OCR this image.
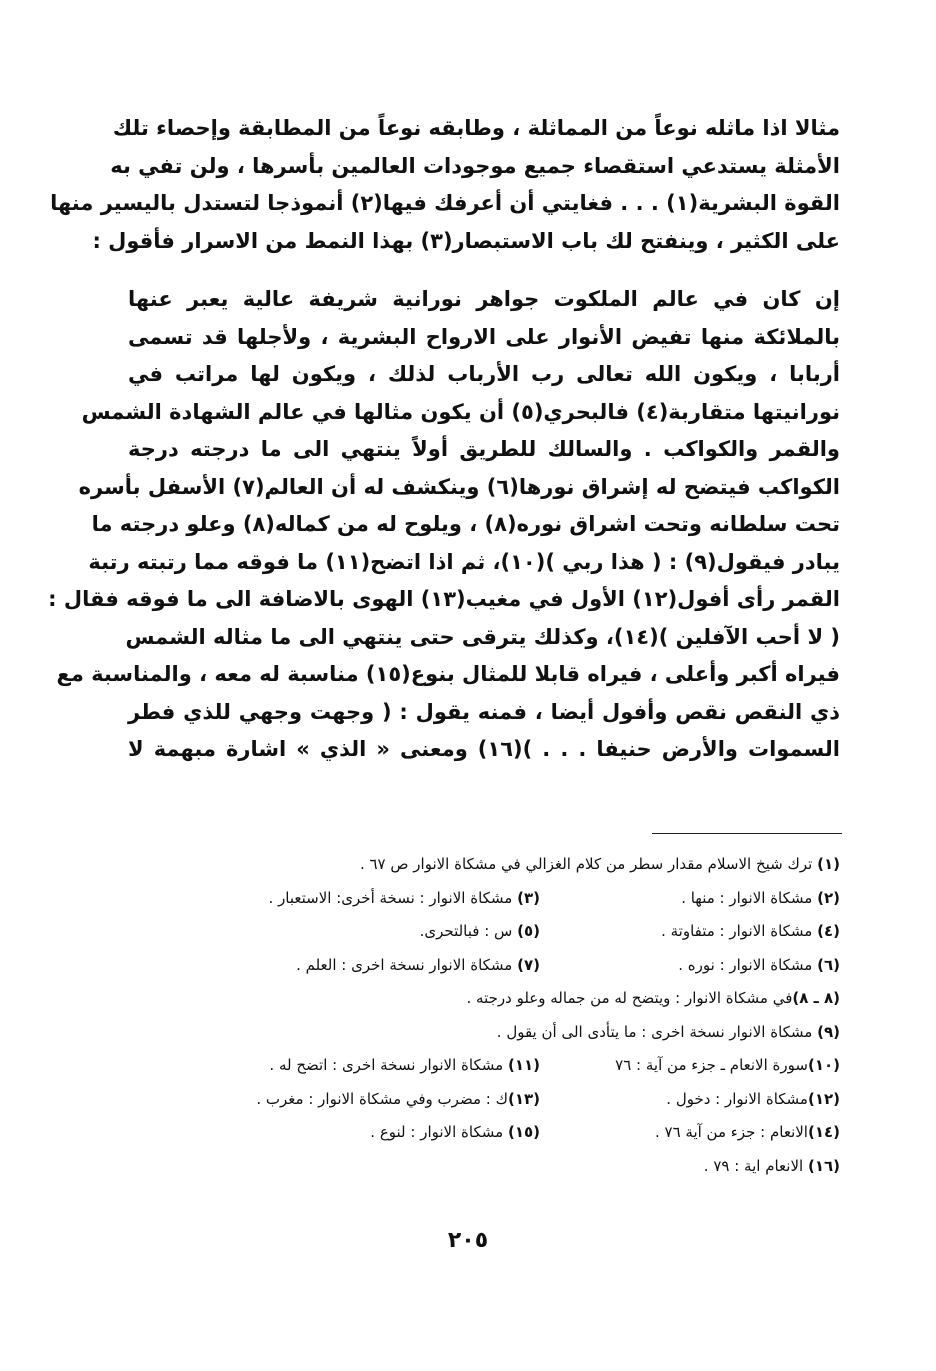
مثالا اذا ماثله نوعاً من المماثلة ، وطابقه نوعاً من المطابقة وإحصاء تلك

الأمثلة يستدعي استقصاء جميع موجودات العالمين بأسرها ، ولن تفي به

القوة البشرية(١) . . . فغايتي أن أعرفك فيها(٢) أنموذجا لتستدل باليسير منها

على الكثير ، وينفتح لك باب الاستبصار(٣) بهذا النمط من الاسرار فأقول :

إن كان في عالم الملكوت جواهر نورانية شريفة عالية يعبر عنها

بالملائكة منها تفيض الأنوار على الارواح البشرية ، ولأجلها قد تسمى

أربابا ، ويكون الله تعالى رب الأرباب لذلك ، ويكون لها مراتب في

نورانيتها متقاربة(٤) فالبحري(٥) أن يكون مثالها في عالم الشهادة الشمس

والقمر والكواكب . والسالك للطريق أولاً ينتهي الى ما درجته درجة

الكواكب فيتضح له إشراق نورها(٦) وينكشف له أن العالم(٧) الأسفل بأسره

تحت سلطانه وتحت اشراق نوره(٨) ، ويلوح له من كماله(٨) وعلو درجته ما

يبادر فيقول(٩) : ( هذا ربي )(١٠)، ثم اذا اتضح(١١) ما فوقه مما رتبته رتبة

القمر رأى أفول(١٢) الأول في مغيب(١٣) الهوى بالاضافة الى ما فوقه فقال :

( لا أحب الآفلين )(١٤)، وكذلك يترقى حتى ينتهي الى ما مثاله الشمس

فيراه أكبر وأعلى ، فيراه قابلا للمثال بنوع(١٥) مناسبة له معه ، والمناسبة مع

ذي النقص نقص وأفول أيضا ، فمنه يقول : ( وجهت وجهي للذي فطر

السموات والأرض حنيفا . . . )(١٦) ومعنى « الذي » اشارة مبهمة لا

(١) ترك شيخ الاسلام مقدار سطر من كلام الغزالي في مشكاة الانوار ص ٦٧ .
(٢) مشكاة الانوار : منها .
(٣) مشكاة الانوار : نسخة أخرى: الاستعبار .
(٤) مشكاة الانوار : متفاوتة .
(٥) س : فبالتحرى.
(٦) مشكاة الانوار : نوره .
(٧) مشكاة الانوار نسخة اخرى : العلم .
(٨ ـ ٨)في مشكاة الانوار : ويتضح له من جماله وعلو درجته .
(٩) مشكاة الانوار نسخة اخرى : ما يتأدى الى أن يقول .
(١٠)سورة الانعام ـ جزء من آية : ٧٦
(١١) مشكاة الانوار نسخة اخرى : اتضح له .
(١٢)مشكاة الانوار : دخول .
(١٣)ك : مضرب وفي مشكاة الانوار : مغرب .
(١٤)الانعام : جزء من آية ٧٦ .
(١٥) مشكاة الانوار : لنوع .
(١٦) الانعام اية : ٧٩ .
٢٠٥
